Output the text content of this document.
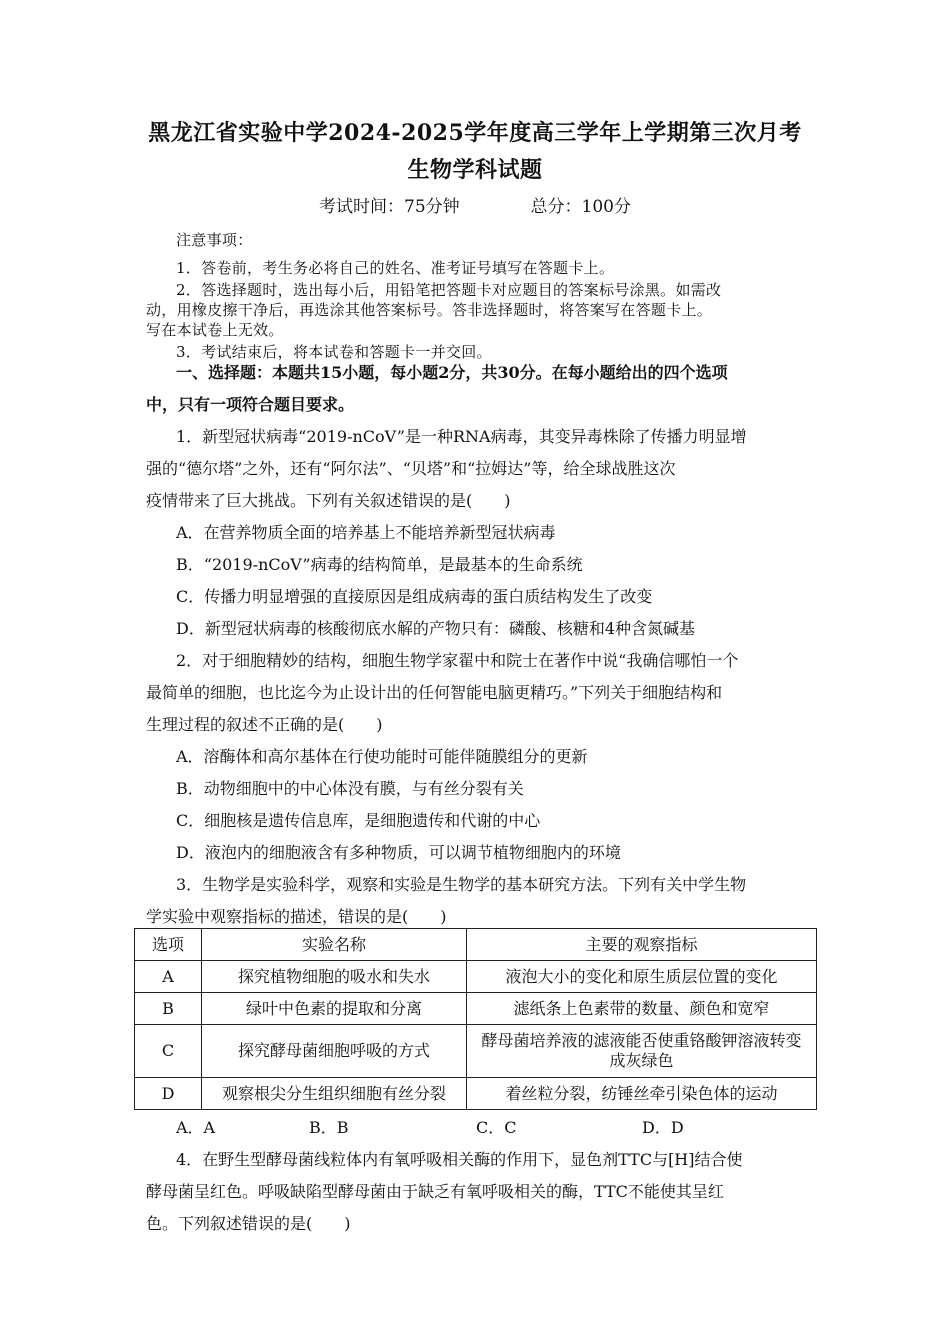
黑龙江省实验中学2024-2025学年度高三学年上学期第三次月考
生物学科试题
考试时间：75分钟	总分：100分
注意事项：
1．答卷前，考生务必将自己的姓名、准考证号填写在答题卡上。
2．答选择题时，选出每小后，用铅笔把答题卡对应题目的答案标号涂黑。如需改
动，用橡皮擦干净后，再选涂其他答案标号。答非选择题时，将答案写在答题卡上。
写在本试卷上无效。
3．考试结束后，将本试卷和答题卡一并交回。
一、选择题：本题共15小题，每小题2分，共30分。在每小题给出的四个选项
中，只有一项符合题目要求。
1．新型冠状病毒“2019-nCoV”是一种RNA病毒，其变异毒株除了传播力明显增
强的“德尔塔”之外，还有“阿尔法”、“贝塔”和“拉姆达”等，给全球战胜这次
疫情带来了巨大挑战。下列有关叙述错误的是(　　)
A．在营养物质全面的培养基上不能培养新型冠状病毒
B．“2019-nCoV”病毒的结构简单，是最基本的生命系统
C．传播力明显增强的直接原因是组成病毒的蛋白质结构发生了改变
D．新型冠状病毒的核酸彻底水解的产物只有：磷酸、核糖和4种含氮碱基
2．对于细胞精妙的结构，细胞生物学家翟中和院士在著作中说“我确信哪怕一个
最简单的细胞，也比迄今为止设计出的任何智能电脑更精巧。”下列关于细胞结构和
生理过程的叙述不正确的是(　　)
A．溶酶体和高尔基体在行使功能时可能伴随膜组分的更新
B．动物细胞中的中心体没有膜，与有丝分裂有关
C．细胞核是遗传信息库，是细胞遗传和代谢的中心
D．液泡内的细胞液含有多种物质，可以调节植物细胞内的环境
3．生物学是实验科学，观察和实验是生物学的基本研究方法。下列有关中学生物
学实验中观察指标的描述，错误的是(　　)
选项	实验名称	主要的观察指标
A	探究植物细胞的吸水和失水	液泡大小的变化和原生质层位置的变化
B	绿叶中色素的提取和分离	滤纸条上色素带的数量、颜色和宽窄
C	探究酵母菌细胞呼吸的方式	酵母菌培养液的滤液能否使重铬酸钾溶液转变成灰绿色
D	观察根尖分生组织细胞有丝分裂	着丝粒分裂，纺锤丝牵引染色体的运动
A．A	B．B	C．C	D．D
4．在野生型酵母菌线粒体内有氧呼吸相关酶的作用下，显色剂TTC与[H]结合使
酵母菌呈红色。呼吸缺陷型酵母菌由于缺乏有氧呼吸相关的酶，TTC不能使其呈红
色。下列叙述错误的是(　　)
